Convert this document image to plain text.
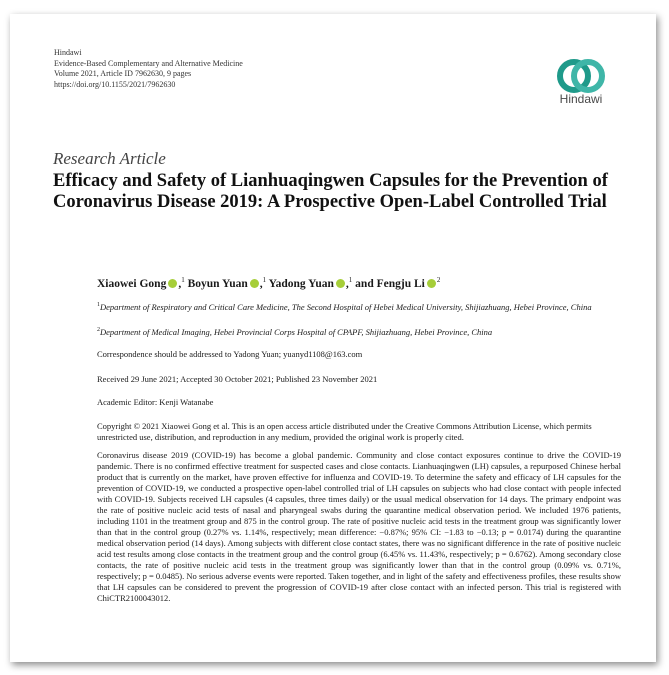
Hindawi
Evidence-Based Complementary and Alternative Medicine
Volume 2021, Article ID 7962630, 9 pages
https://doi.org/10.1155/2021/7962630
Hindawi
Research Article
Efficacy and Safety of Lianhuaqingwen Capsules for the Prevention of Coronavirus Disease 2019: A Prospective Open-Label Controlled Trial
Xiaowei Gong ,$^1$ Boyun Yuan ,$^1$ Yadong Yuan ,$^1$ and Fengju Li $^2$
$^1$Department of Respiratory and Critical Care Medicine, The Second Hospital of Hebei Medical University, Shijiazhuang, Hebei Province, China
$^2$Department of Medical Imaging, Hebei Provincial Corps Hospital of CPAPF, Shijiazhuang, Hebei Province, China
Correspondence should be addressed to Yadong Yuan; yuanyd1108@163.com
Received 29 June 2021; Accepted 30 October 2021; Published 23 November 2021
Academic Editor: Kenji Watanabe
Copyright © 2021 Xiaowei Gong et al. This is an open access article distributed under the Creative Commons Attribution License, which permits unrestricted use, distribution, and reproduction in any medium, provided the original work is properly cited.
Coronavirus disease 2019 (COVID-19) has become a global pandemic. Community and close contact exposures continue to drive the COVID-19 pandemic. There is no confirmed effective treatment for suspected cases and close contacts. Lianhuaqingwen (LH) capsules, a repurposed Chinese herbal product that is currently on the market, have proven effective for influenza and COVID-19. To determine the safety and efficacy of LH capsules for the prevention of COVID-19, we conducted a prospective open-label controlled trial of LH capsules on subjects who had close contact with people infected with COVID-19. Subjects received LH capsules (4 capsules, three times daily) or the usual medical observation for 14 days. The primary endpoint was the rate of positive nucleic acid tests of nasal and pharyngeal swabs during the quarantine medical observation period. We included 1976 patients, including 1101 in the treatment group and 875 in the control group. The rate of positive nucleic acid tests in the treatment group was significantly lower than that in the control group (0.27% vs. 1.14%, respectively; mean difference: −0.87%; 95% CI: −1.83 to −0.13; p = 0.0174) during the quarantine medical observation period (14 days). Among subjects with different close contact states, there was no significant difference in the rate of positive nucleic acid test results among close contacts in the treatment group and the control group (6.45% vs. 11.43%, respectively; p = 0.6762). Among secondary close contacts, the rate of positive nucleic acid tests in the treatment group was significantly lower than that in the control group (0.09% vs. 0.71%, respectively; p = 0.0485). No serious adverse events were reported. Taken together, and in light of the safety and effectiveness profiles, these results show that LH capsules can be considered to prevent the progression of COVID-19 after close contact with an infected person. This trial is registered with ChiCTR2100043012.
